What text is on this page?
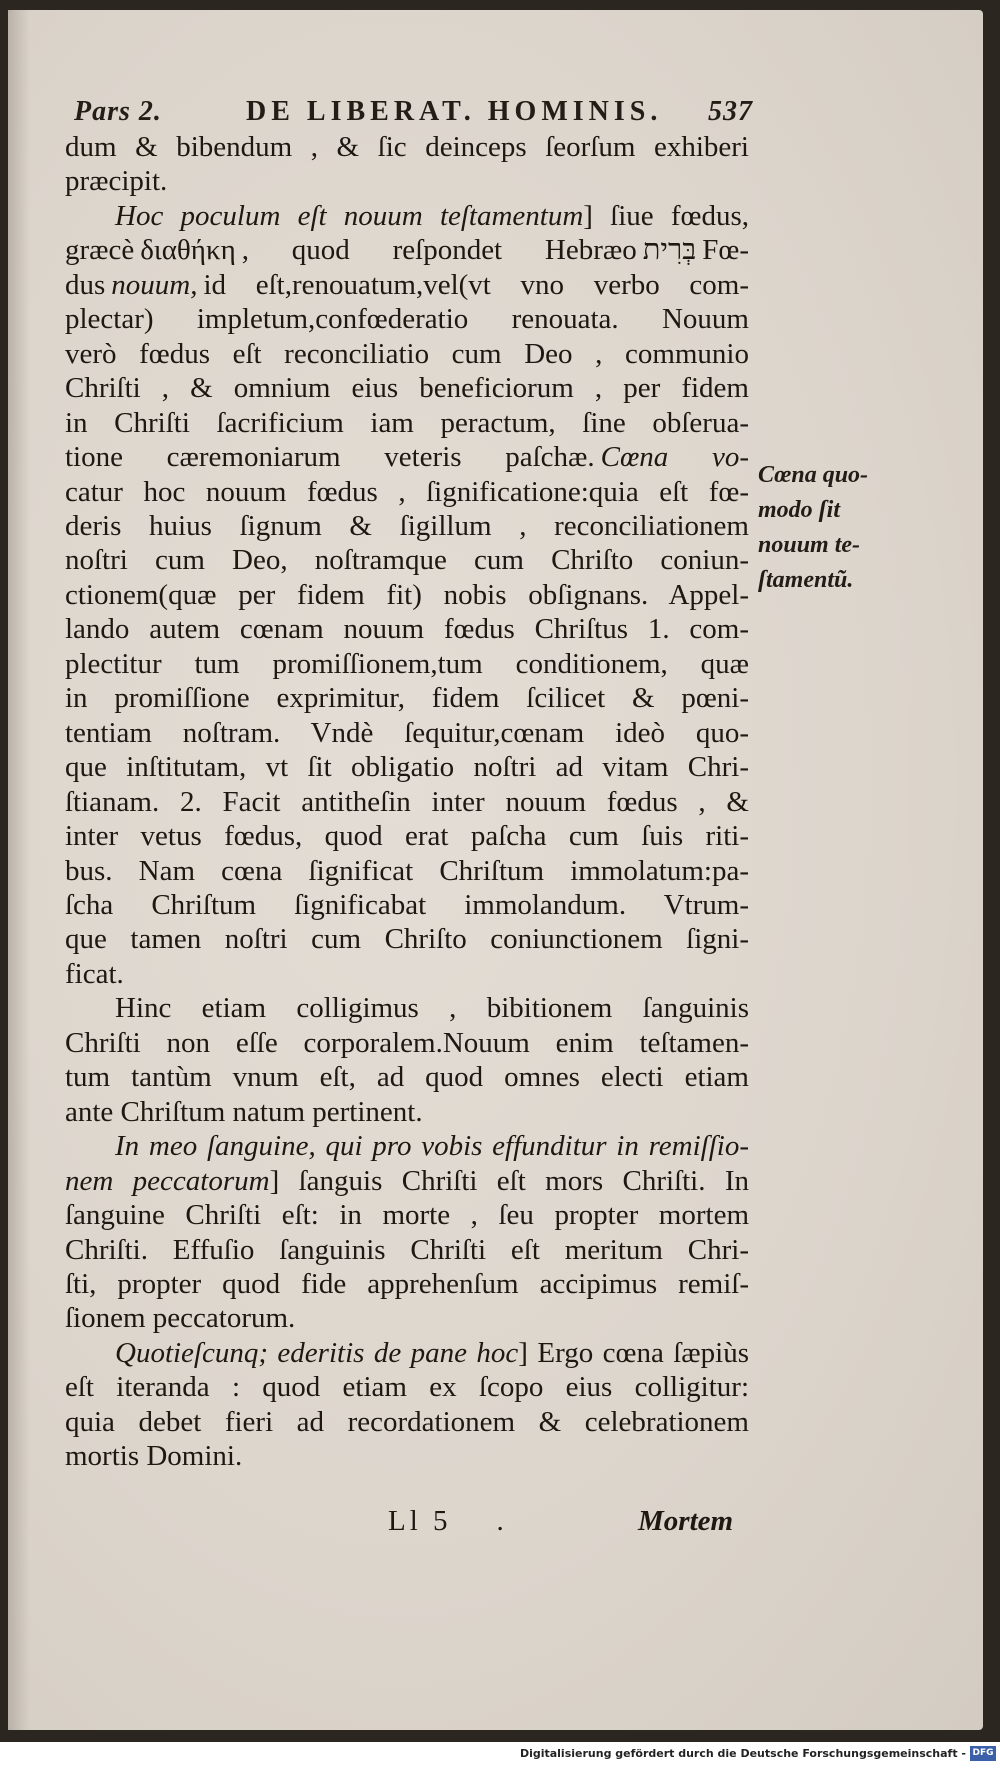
Pars 2.	DE LIBERAT. HOMINIS. 537
dum & bibendum , & ſic deinceps ſeorſum exhiberi
præcipit.
Hoc poculum eſt nouum teſtamentum] ſiue fœdus,
græcè διαθήκη , quod reſpondet Hebræo בְּרִית Fœ-
dus nouum, id eſt,renouatum,vel(vt vno verbo com-
plectar) impletum,confœderatio renouata. Nouum
verò fœdus eſt reconciliatio cum Deo , communio
Chriſti , & omnium eius beneficiorum , per fidem
in Chriſti ſacrificium iam peractum, ſine obſerua-
tione cæremoniarum veteris paſchæ. Cœna vo-
catur hoc nouum fœdus , ſignificatione:quia eſt fœ-
deris huius ſignum & ſigillum , reconciliationem
noſtri cum Deo, noſtramque cum Chriſto coniun-
ctionem(quæ per fidem fit) nobis obſignans. Appel-
lando autem cœnam nouum fœdus Chriſtus 1. com-
plectitur tum promiſſionem,tum conditionem, quæ
in promiſſione exprimitur, fidem ſcilicet & pœni-
tentiam noſtram. Vndè ſequitur,cœnam ideò quo-
que inſtitutam, vt ſit obligatio noſtri ad vitam Chri-
ſtianam. 2. Facit antitheſin inter nouum fœdus , &
inter vetus fœdus, quod erat paſcha cum ſuis riti-
bus. Nam cœna ſignificat Chriſtum immolatum:pa-
ſcha Chriſtum ſignificabat immolandum. Vtrum-
que tamen noſtri cum Chriſto coniunctionem ſigni-
ficat.
Hinc etiam colligimus , bibitionem ſanguinis
Chriſti non eſſe corporalem.Nouum enim teſtamen-
tum tantùm vnum eſt, ad quod omnes electi etiam
ante Chriſtum natum pertinent.
In meo ſanguine, qui pro vobis effunditur in remiſſio-
nem peccatorum] ſanguis Chriſti eſt mors Chriſti. In
ſanguine Chriſti eſt: in morte , ſeu propter mortem
Chriſti. Effuſio ſanguinis Chriſti eſt meritum Chri-
ſti, propter quod fide apprehenſum accipimus remiſ-
ſionem peccatorum.
Quotieſcunq; ederitis de pane hoc] Ergo cœna ſæpiùs
eſt iteranda : quod etiam ex ſcopo eius colligitur:
quia debet fieri ad recordationem & celebrationem
mortis Domini.
Cœna quo-
modo ſit
nouum te-
ſtamentũ.
Ll 5 .	Mortem
Digitalisierung gefördert durch die Deutsche Forschungsgemeinschaft - DFG
